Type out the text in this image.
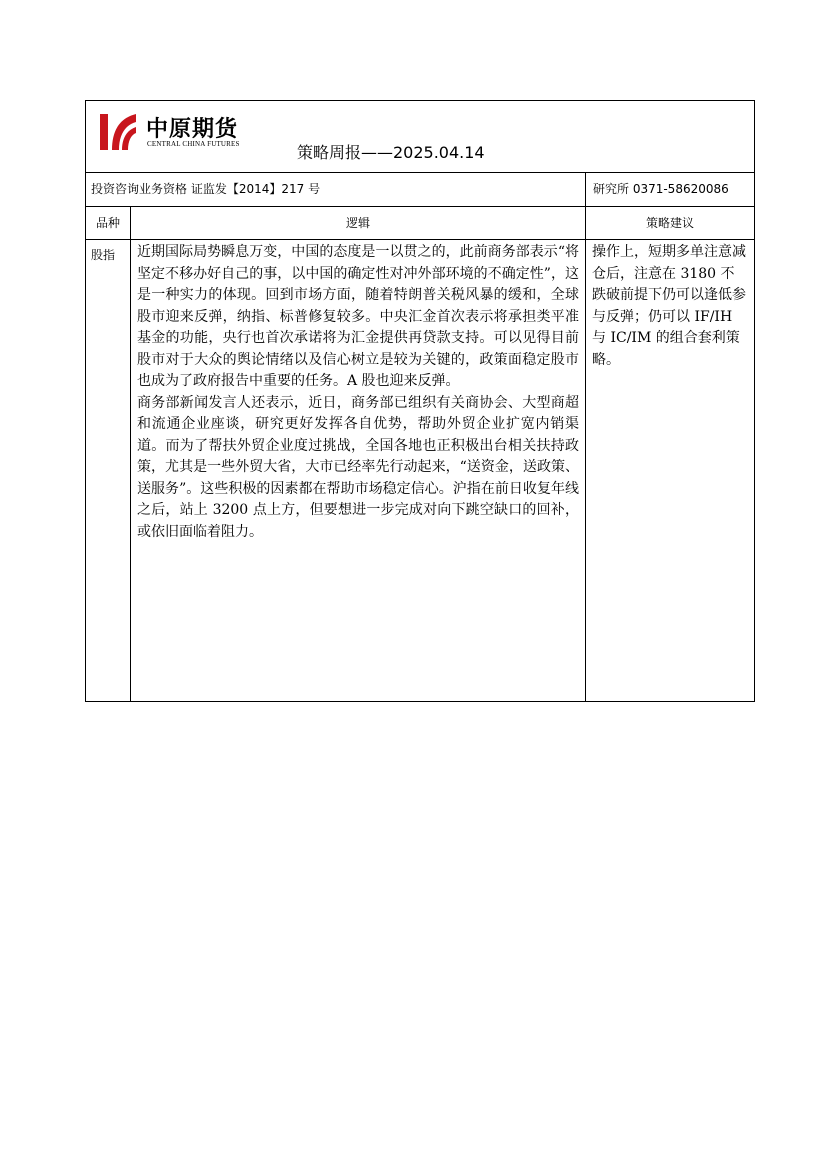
中原期货
CENTRAL CHINA FUTURES 策略周报——2025.04.14		

投资咨询业务资格 证监发【2014】217 号		研究所 0371-58620086
品种	逻辑	策略建议
股指	近期国际局势瞬息万变，中国的态度是一以贯之的，此前商务部表示“将坚定不移办好自己的事，以中国的确定性对冲外部环境的不确定性”，这是一种实力的体现。回到市场方面，随着特朗普关税风暴的缓和，全球股市迎来反弹，纳指、标普修复较多。中央汇金首次表示将承担类平准基金的功能，央行也首次承诺将为汇金提供再贷款支持。可以见得目前股市对于大众的舆论情绪以及信心树立是较为关键的，政策面稳定股市也成为了政府报告中重要的任务。A 股也迎来反弹。

商务部新闻发言人还表示，近日，商务部已组织有关商协会、大型商超和流通企业座谈，研究更好发挥各自优势，帮助外贸企业扩宽内销渠道。而为了帮扶外贸企业度过挑战，全国各地也正积极出台相关扶持政策，尤其是一些外贸大省，大市已经率先行动起来，“送资金，送政策、送服务”。这些积极的因素都在帮助市场稳定信心。沪指在前日收复年线之后，站上 3200 点上方，但要想进一步完成对向下跳空缺口的回补，或依旧面临着阻力。	操作上，短期多单注意减仓后，注意在 3180 不跌破前提下仍可以逢低参与反弹；仍可以 IF/IH 与 IC/IM 的组合套利策略。
